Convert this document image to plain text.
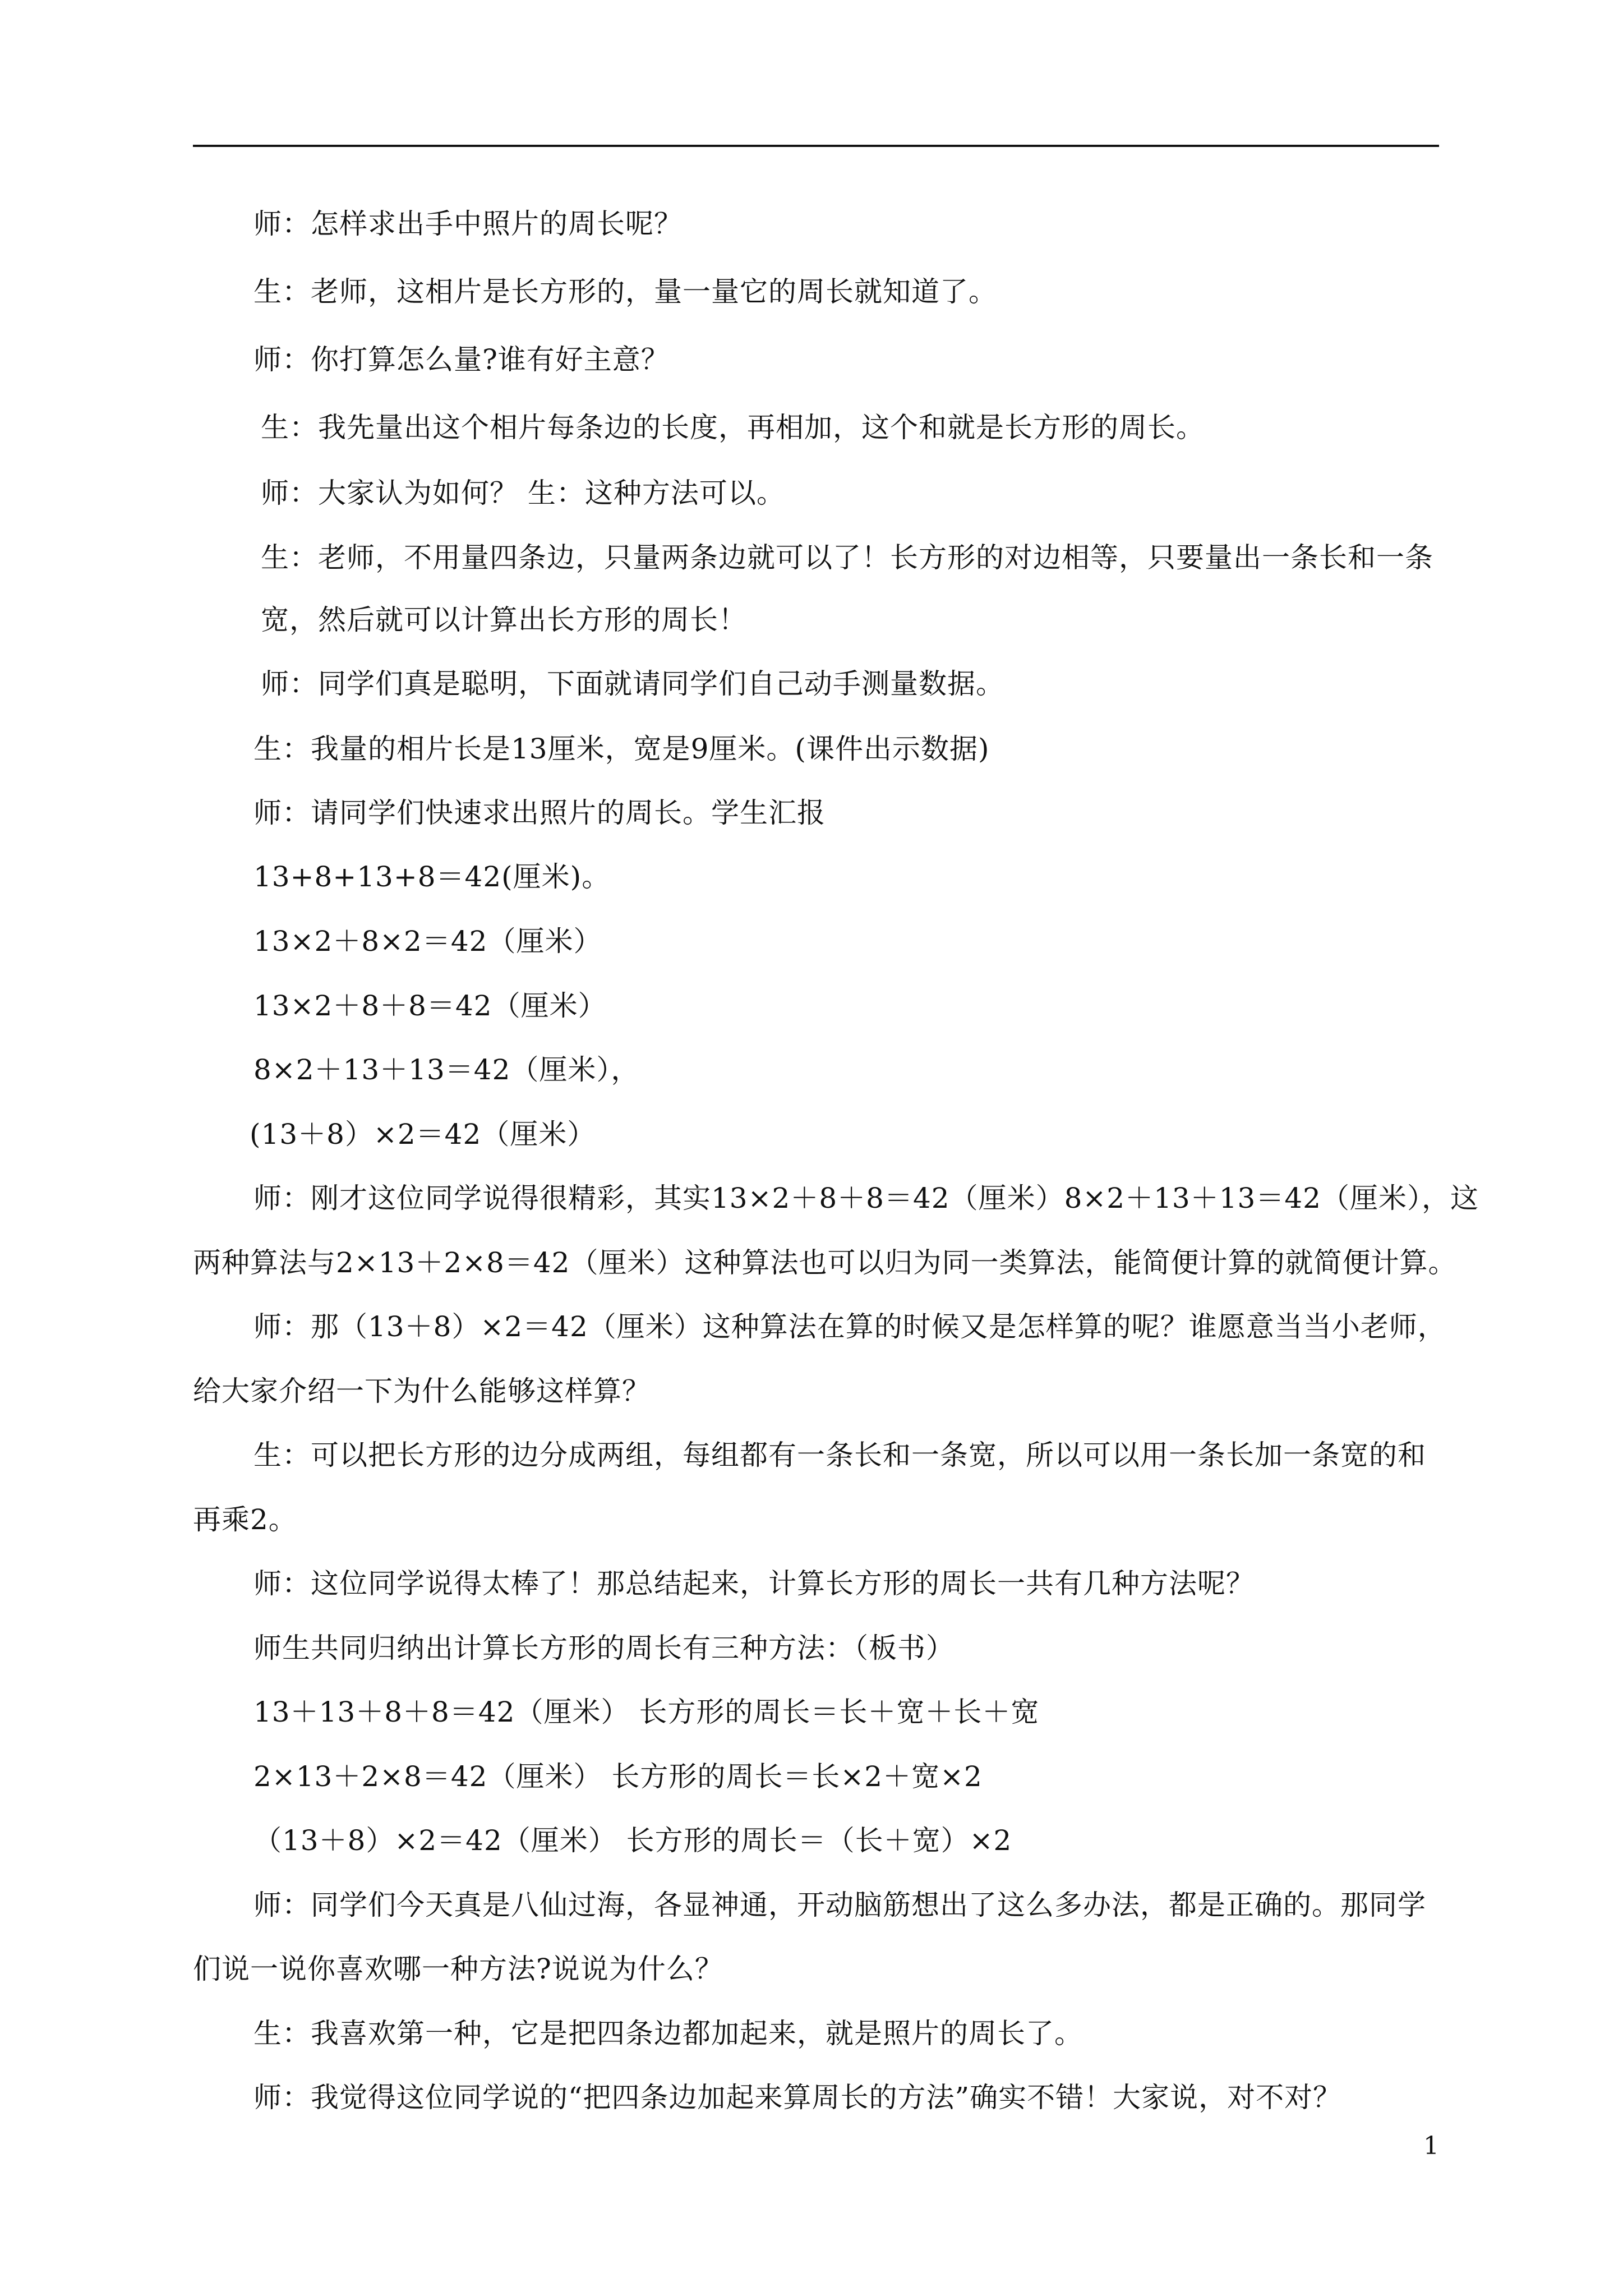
师：怎样求出手中照片的周长呢？
生：老师，这相片是长方形的，量一量它的周长就知道了。
师：你打算怎么量?谁有好主意？
生：我先量出这个相片每条边的长度，再相加，这个和就是长方形的周长。
师：大家认为如何？ 生：这种方法可以。
生：老师，不用量四条边，只量两条边就可以了！长方形的对边相等，只要量出一条长和一条
宽，然后就可以计算出长方形的周长！
师：同学们真是聪明，下面就请同学们自己动手测量数据。
生：我量的相片长是13厘米，宽是9厘米。(课件出示数据)
师：请同学们快速求出照片的周长。学生汇报
13+8+13+8＝42(厘米)。
13×2＋8×2＝42（厘米）
13×2＋8＋8＝42（厘米）
8×2＋13＋13＝42（厘米），
(13＋8）×2＝42（厘米）
师：刚才这位同学说得很精彩，其实13×2＋8＋8＝42（厘米）8×2＋13＋13＝42（厘米），这
两种算法与2×13＋2×8＝42（厘米）这种算法也可以归为同一类算法，能简便计算的就简便计算。
师：那（13＋8）×2＝42（厘米）这种算法在算的时候又是怎样算的呢？谁愿意当当小老师，
给大家介绍一下为什么能够这样算？
生：可以把长方形的边分成两组，每组都有一条长和一条宽，所以可以用一条长加一条宽的和
再乘2。
师：这位同学说得太棒了！那总结起来，计算长方形的周长一共有几种方法呢？
师生共同归纳出计算长方形的周长有三种方法：（板书）
13＋13＋8＋8＝42（厘米） 长方形的周长＝长＋宽＋长＋宽
2×13＋2×8＝42（厘米） 长方形的周长＝长×2＋宽×2
（13＋8）×2＝42（厘米） 长方形的周长＝（长＋宽）×2
师：同学们今天真是八仙过海，各显神通，开动脑筋想出了这么多办法，都是正确的。那同学
们说一说你喜欢哪一种方法?说说为什么？
生：我喜欢第一种，它是把四条边都加起来，就是照片的周长了。
师：我觉得这位同学说的“把四条边加起来算周长的方法”确实不错！大家说，对不对？
1
